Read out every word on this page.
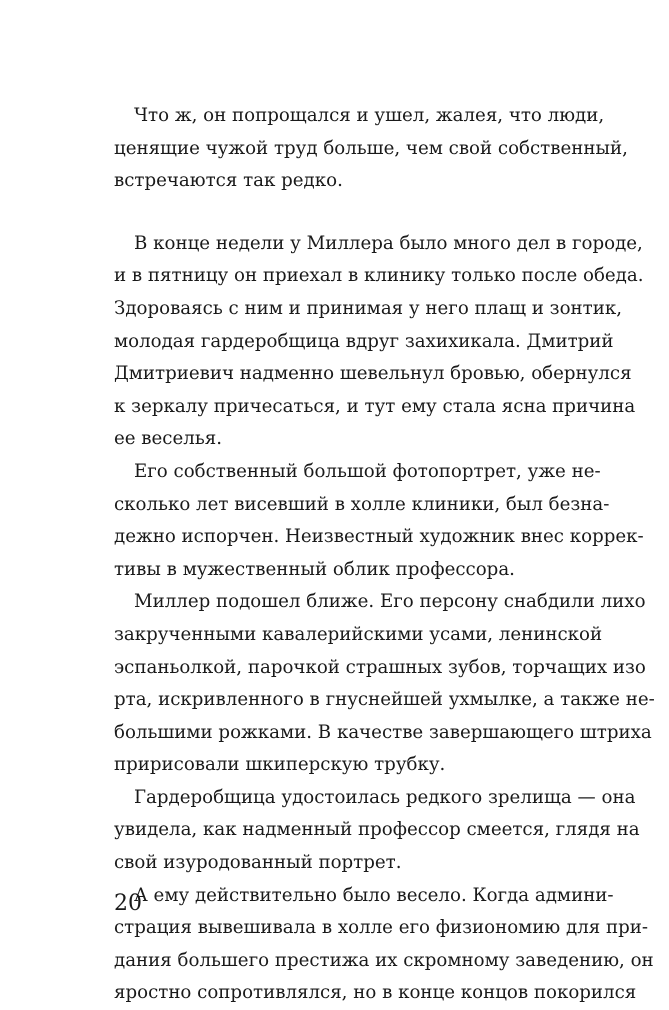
Что ж, он попрощался и ушел, жалея, что люди,
ценящие чужой труд больше, чем свой собственный,
встречаются так редко.
В конце недели у Миллера было много дел в городе,
и в пятницу он приехал в клинику только после обеда.
Здороваясь с ним и принимая у него плащ и зонтик,
молодая гардеробщица вдруг захихикала. Дмитрий
Дмитриевич надменно шевельнул бровью, обернулся
к зеркалу причесаться, и тут ему стала ясна причина
ее веселья.
Его собственный большой фотопортрет, уже не-
сколько лет висевший в холле клиники, был безна-
дежно испорчен. Неизвестный художник внес коррек-
тивы в мужественный облик профессора.
Миллер подошел ближе. Его персону снабдили лихо
закрученными кавалерийскими усами, ленинской
эспаньолкой, парочкой страшных зубов, торчащих изо
рта, искривленного в гнуснейшей ухмылке, а также не-
большими рожками. В качестве завершающего штриха
пририсовали шкиперскую трубку.
Гардеробщица удостоилась редкого зрелища — она
увидела, как надменный профессор смеется, глядя на
свой изуродованный портрет.
А ему действительно было весело. Когда админи-
страция вывешивала в холле его физиономию для при-
дания большего престижа их скромному заведению, он
яростно сопротивлялся, но в конце концов покорился
20
